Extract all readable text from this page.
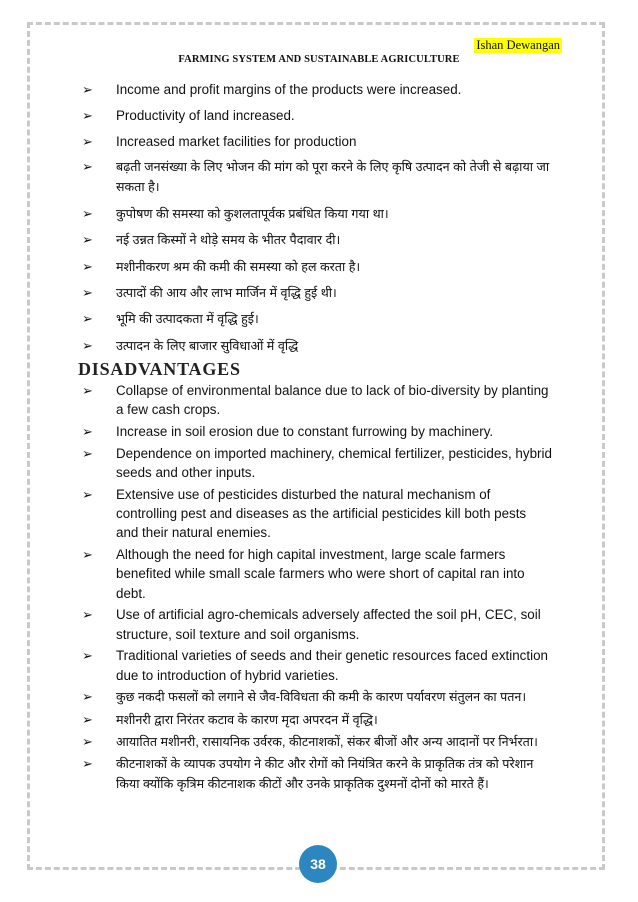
Ishan Dewangan
FARMING SYSTEM AND SUSTAINABLE AGRICULTURE
➢ Income and profit margins of the products were increased.
➢ Productivity of land increased.
➢ Increased market facilities for production
➢ बढ़ती जनसंख्या के लिए भोजन की मांग को पूरा करने के लिए कृषि उत्पादन को तेजी से बढ़ाया जा सकता है।
➢ कुपोषण की समस्या को कुशलतापूर्वक प्रबंधित किया गया था।
➢ नई उन्नत किस्मों ने थोड़े समय के भीतर पैदावार दी।
➢ मशीनीकरण श्रम की कमी की समस्या को हल करता है।
➢ उत्पादों की आय और लाभ मार्जिन में वृद्धि हुई थी।
➢ भूमि की उत्पादकता में वृद्धि हुई।
➢ उत्पादन के लिए बाजार सुविधाओं में वृद्धि
DISADVANTAGES
➢ Collapse of environmental balance due to lack of bio-diversity by planting a few cash crops.
➢ Increase in soil erosion due to constant furrowing by machinery.
➢ Dependence on imported machinery, chemical fertilizer, pesticides, hybrid seeds and other inputs.
➢ Extensive use of pesticides disturbed the natural mechanism of controlling pest and diseases as the artificial pesticides kill both pests and their natural enemies.
➢ Although the need for high capital investment, large scale farmers benefited while small scale farmers who were short of capital ran into debt.
➢ Use of artificial agro-chemicals adversely affected the soil pH, CEC, soil structure, soil texture and soil organisms.
➢ Traditional varieties of seeds and their genetic resources faced extinction due to introduction of hybrid varieties.
➢ कुछ नकदी फसलों को लगाने से जैव-विविधता की कमी के कारण पर्यावरण संतुलन का पतन।
➢ मशीनरी द्वारा निरंतर कटाव के कारण मृदा अपरदन में वृद्धि।
➢ आयातित मशीनरी, रासायनिक उर्वरक, कीटनाशकों, संकर बीजों और अन्य आदानों पर निर्भरता।
➢ कीटनाशकों के व्यापक उपयोग ने कीट और रोगों को नियंत्रित करने के प्राकृतिक तंत्र को परेशान किया क्योंकि कृत्रिम कीटनाशक कीटों और उनके प्राकृतिक दुश्मनों दोनों को मारते हैं।
38
